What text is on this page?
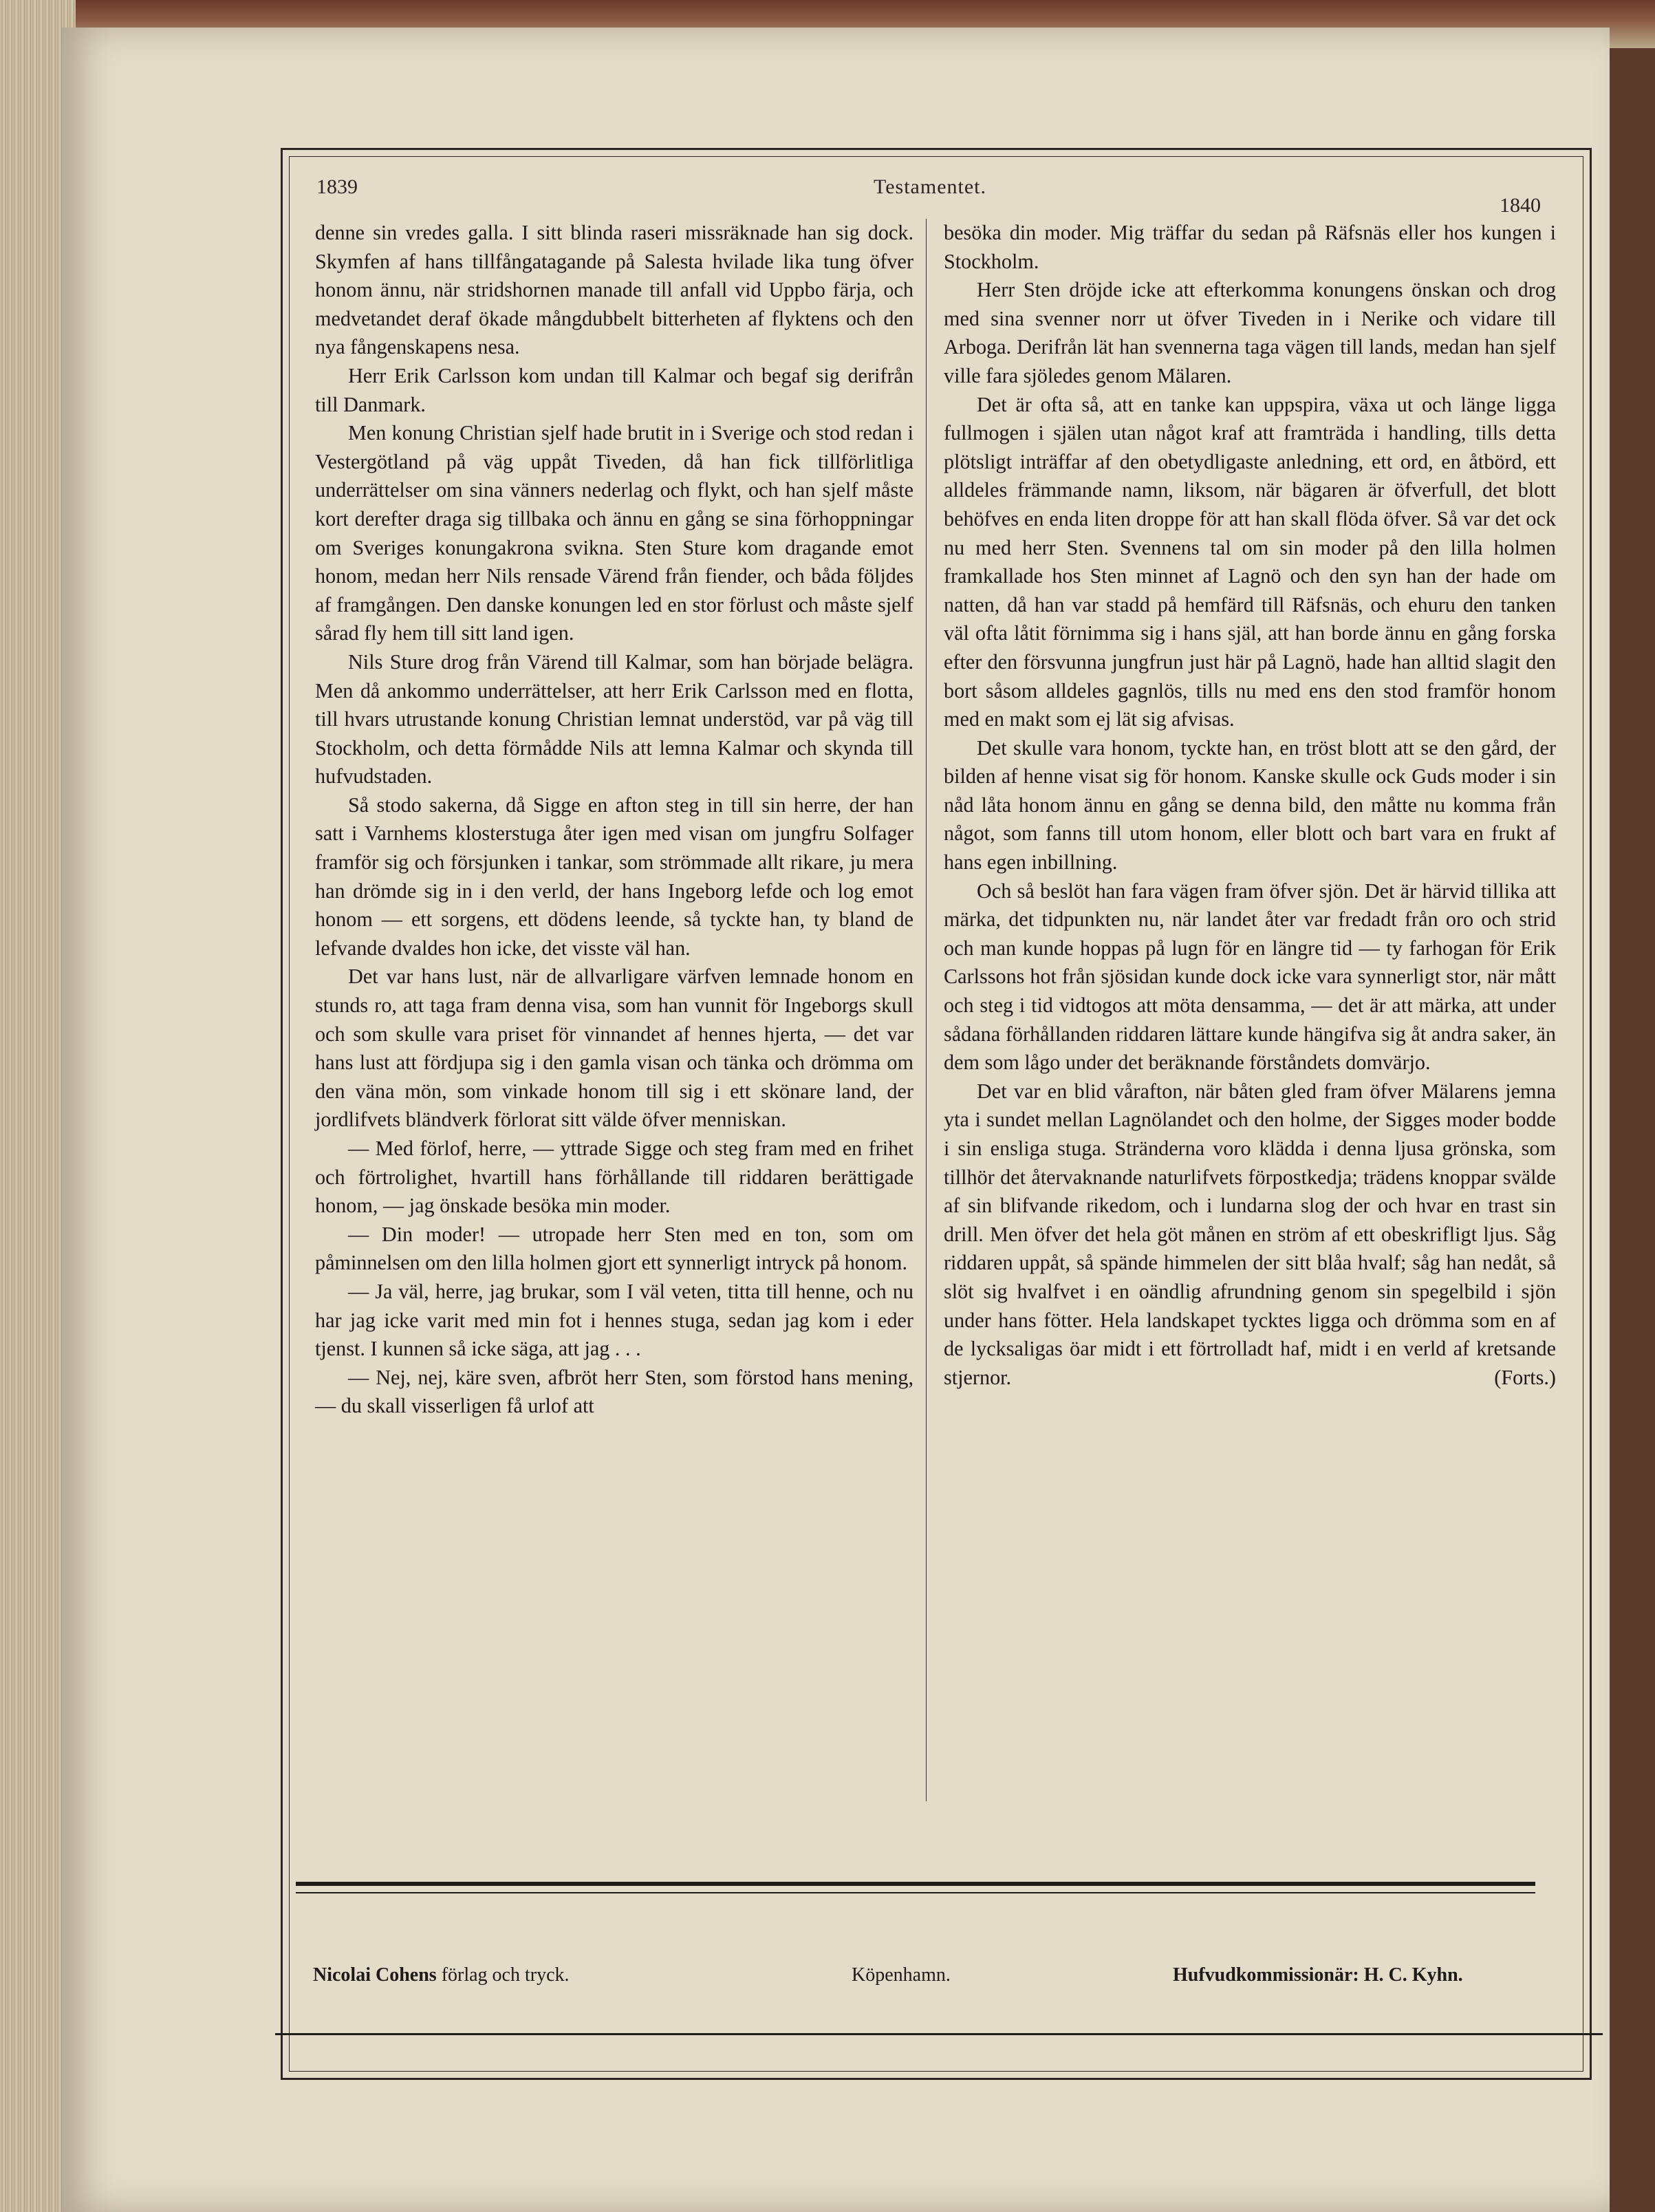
1839	Testamentet.
1840

denne sin vredes galla. I sitt blinda raseri missräknade han sig dock. Skymfen af hans tillfångatagande på Salesta hvilade lika tung öfver honom ännu, när stridshornen manade till anfall vid Uppbo färja, och medvetandet deraf ökade mångdubbelt bitterheten af flyktens och den nya fångenskapens nesa.

Herr Erik Carlsson kom undan till Kalmar och begaf sig derifrån till Danmark.

Men konung Christian sjelf hade brutit in i Sverige och stod redan i Vestergötland på väg uppåt Tiveden, då han fick tillförlitliga underrättelser om sina vänners nederlag och flykt, och han sjelf måste kort derefter draga sig tillbaka och ännu en gång se sina förhoppningar om Sveriges konungakrona svikna. Sten Sture kom dragande emot honom, medan herr Nils rensade Värend från fiender, och båda följdes af framgången. Den danske konungen led en stor förlust och måste sjelf sårad fly hem till sitt land igen.

Nils Sture drog från Värend till Kalmar, som han började belägra. Men då ankommo underrättelser, att herr Erik Carlsson med en flotta, till hvars utrustande konung Christian lemnat understöd, var på väg till Stockholm, och detta förmådde Nils att lemna Kalmar och skynda till hufvudstaden.

Så stodo sakerna, då Sigge en afton steg in till sin herre, der han satt i Varnhems klosterstuga åter igen med visan om jungfru Solfager framför sig och försjunken i tankar, som strömmade allt rikare, ju mera han drömde sig in i den verld, der hans Ingeborg lefde och log emot honom — ett sorgens, ett dödens leende, så tyckte han, ty bland de lefvande dvaldes hon icke, det visste väl han.

Det var hans lust, när de allvarligare värfven lemnade honom en stunds ro, att taga fram denna visa, som han vunnit för Ingeborgs skull och som skulle vara priset för vinnandet af hennes hjerta, — det var hans lust att fördjupa sig i den gamla visan och tänka och drömma om den väna mön, som vinkade honom till sig i ett skönare land, der jordlifvets bländverk förlorat sitt välde öfver menniskan.

— Med förlof, herre, — yttrade Sigge och steg fram med en frihet och förtrolighet, hvartill hans förhållande till riddaren berättigade honom, — jag önskade besöka min moder.

— Din moder! — utropade herr Sten med en ton, som om påminnelsen om den lilla holmen gjort ett synnerligt intryck på honom.

— Ja väl, herre, jag brukar, som I väl veten, titta till henne, och nu har jag icke varit med min fot i hennes stuga, sedan jag kom i eder tjenst. I kunnen så icke säga, att jag . . .

— Nej, nej, käre sven, afbröt herr Sten, som förstod hans mening, — du skall visserligen få urlof att

besöka din moder. Mig träffar du sedan på Räfsnäs eller hos kungen i Stockholm.

Herr Sten dröjde icke att efterkomma konungens önskan och drog med sina svenner norr ut öfver Tiveden in i Nerike och vidare till Arboga. Derifrån lät han svennerna taga vägen till lands, medan han sjelf ville fara sjöledes genom Mälaren.

Det är ofta så, att en tanke kan uppspira, växa ut och länge ligga fullmogen i själen utan något kraf att framträda i handling, tills detta plötsligt inträffar af den obetydligaste anledning, ett ord, en åtbörd, ett alldeles främmande namn, liksom, när bägaren är öfverfull, det blott behöfves en enda liten droppe för att han skall flöda öfver. Så var det ock nu med herr Sten. Svennens tal om sin moder på den lilla holmen framkallade hos Sten minnet af Lagnö och den syn han der hade om natten, då han var stadd på hemfärd till Räfsnäs, och ehuru den tanken väl ofta låtit förnimma sig i hans själ, att han borde ännu en gång forska efter den försvunna jungfrun just här på Lagnö, hade han alltid slagit den bort såsom alldeles gagnlös, tills nu med ens den stod framför honom med en makt som ej lät sig afvisas.

Det skulle vara honom, tyckte han, en tröst blott att se den gård, der bilden af henne visat sig för honom. Kanske skulle ock Guds moder i sin nåd låta honom ännu en gång se denna bild, den måtte nu komma från något, som fanns till utom honom, eller blott och bart vara en frukt af hans egen inbillning.

Och så beslöt han fara vägen fram öfver sjön. Det är härvid tillika att märka, det tidpunkten nu, när landet åter var fredadt från oro och strid och man kunde hoppas på lugn för en längre tid — ty farhogan för Erik Carlssons hot från sjösidan kunde dock icke vara synnerligt stor, när mått och steg i tid vidtogos att möta densamma, — det är att märka, att under sådana förhållanden riddaren lättare kunde hängifva sig åt andra saker, än dem som lågo under det beräknande förståndets domvärjo.

Det var en blid vårafton, när båten gled fram öfver Mälarens jemna yta i sundet mellan Lagnölandet och den holme, der Sigges moder bodde i sin ensliga stuga. Stränderna voro klädda i denna ljusa grönska, som tillhör det återvaknande naturlifvets förpostkedja; trädens knoppar svälde af sin blifvande rikedom, och i lundarna slog der och hvar en trast sin drill. Men öfver det hela göt månen en ström af ett obeskrifligt ljus. Såg riddaren uppåt, så spände himmelen der sitt blåa hvalf; såg han nedåt, så slöt sig hvalfvet i en oändlig afrundning genom sin spegelbild i sjön under hans fötter. Hela landskapet tycktes ligga och drömma som en af de lycksaligas öar midt i ett förtrolladt haf, midt i en verld af kretsande stjernor.	(Forts.)

Nicolai Cohens förlag och tryck.	Köpenhamn.	Hufvudkommissionär: H. C. Kyhn.
